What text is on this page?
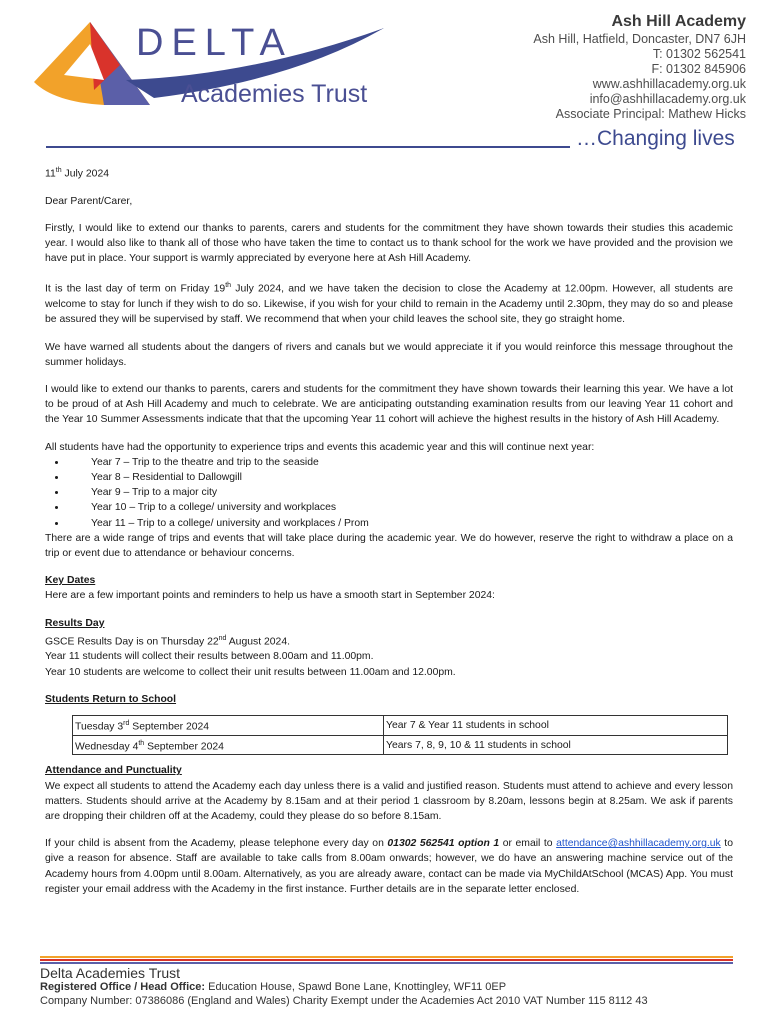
DELTA
Academies Trust
Ash Hill Academy
Ash Hill, Hatfield, Doncaster, DN7 6JH
T: 01302 562541
F: 01302 845906
www.ashhillacademy.org.uk
info@ashhillacademy.org.uk
Associate Principal: Mathew Hicks
…Changing lives

11th July 2024

Dear Parent/Carer,

Firstly, I would like to extend our thanks to parents, carers and students for the commitment they have shown towards their studies this academic year. I would also like to thank all of those who have taken the time to contact us to thank school for the work we have provided and the provision we have put in place. Your support is warmly appreciated by everyone here at Ash Hill Academy.

It is the last day of term on Friday 19th July 2024, and we have taken the decision to close the Academy at 12.00pm. However, all students are welcome to stay for lunch if they wish to do so. Likewise, if you wish for your child to remain in the Academy until 2.30pm, they may do so and please be assured they will be supervised by staff. We recommend that when your child leaves the school site, they go straight home.

We have warned all students about the dangers of rivers and canals but we would appreciate it if you would reinforce this message throughout the summer holidays.

I would like to extend our thanks to parents, carers and students for the commitment they have shown towards their learning this year. We have a lot to be proud of at Ash Hill Academy and much to celebrate. We are anticipating outstanding examination results from our leaving Year 11 cohort and the Year 10 Summer Assessments indicate that that the upcoming Year 11 cohort will achieve the highest results in the history of Ash Hill Academy.

All students have had the opportunity to experience trips and events this academic year and this will continue next year:

• Year 7 – Trip to the theatre and trip to the seaside
• Year 8 – Residential to Dallowgill
• Year 9 – Trip to a major city
• Year 10 – Trip to a college/ university and workplaces
• Year 11 – Trip to a college/ university and workplaces / Prom

There are a wide range of trips and events that will take place during the academic year. We do however, reserve the right to withdraw a place on a trip or event due to attendance or behaviour concerns.

Key Dates

Here are a few important points and reminders to help us have a smooth start in September 2024:

Results Day
GSCE Results Day is on Thursday 22nd August 2024.
Year 11 students will collect their results between 8.00am and 11.00pm.

Year 10 students are welcome to collect their unit results between 11.00am and 12.00pm.

Students Return to School
Tuesday 3rd September 2024	Year 7 & Year 11 students in school
Wednesday 4th September 2024	Years 7, 8, 9, 10 & 11 students in school
Attendance and Punctuality

We expect all students to attend the Academy each day unless there is a valid and justified reason. Students must attend to achieve and every lesson matters. Students should arrive at the Academy by 8.15am and at their period 1 classroom by 8.20am, lessons begin at 8.25am. We ask if parents are dropping their children off at the Academy, could they please do so before 8.15am.

If your child is absent from the Academy, please telephone every day on 01302 562541 option 1 or email to attendance@ashhillacademy.org.uk to give a reason for absence. Staff are available to take calls from 8.00am onwards; however, we do have an answering machine service out of the Academy hours from 4.00pm until 8.00am. Alternatively, as you are already aware, contact can be made via MyChildAtSchool (MCAS) App. You must register your email address with the Academy in the first instance. Further details are in the separate letter enclosed.

Delta Academies Trust
Registered Office / Head Office: Education House, Spawd Bone Lane, Knottingley, WF11 0EP
Company Number: 07386086 (England and Wales) Charity Exempt under the Academies Act 2010 VAT Number 115 8112 43
